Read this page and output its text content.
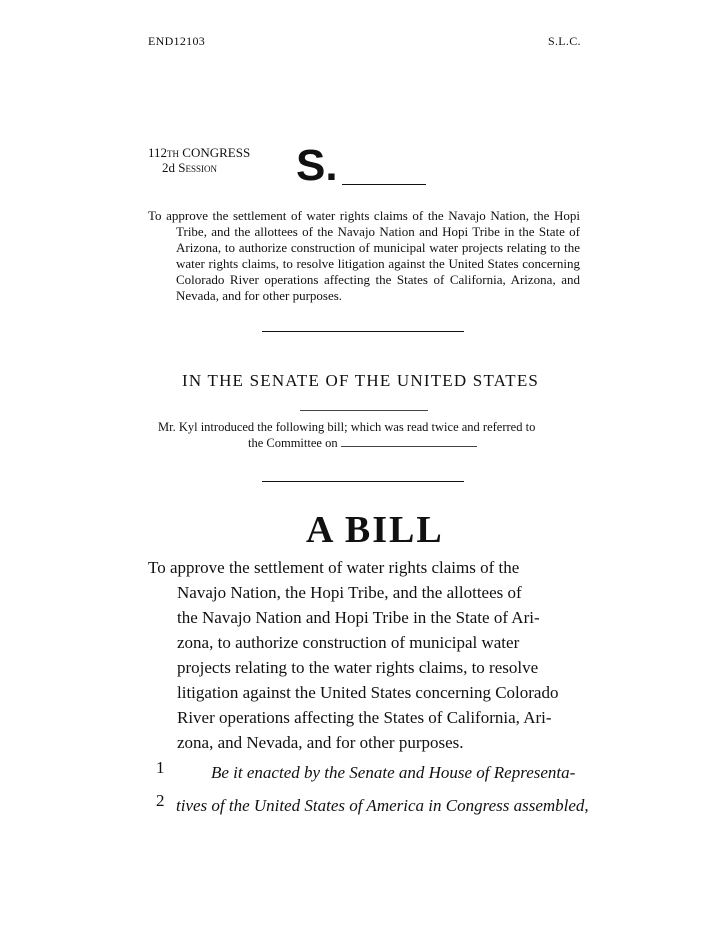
END12103	S.L.C.
112th CONGRESS
2d Session S.
To approve the settlement of water rights claims of the Navajo Nation, the Hopi Tribe, and the allottees of the Navajo Nation and Hopi Tribe in the State of Arizona, to authorize construction of municipal water projects relating to the water rights claims, to resolve litigation against the United States concerning Colorado River operations affecting the States of California, Arizona, and Nevada, and for other purposes.
IN THE SENATE OF THE UNITED STATES
Mr. Kyl introduced the following bill; which was read twice and referred to
the Committee on
A BILL
To approve the settlement of water rights claims of the
Navajo Nation, the Hopi Tribe, and the allottees of
the Navajo Nation and Hopi Tribe in the State of Ari-
zona, to authorize construction of municipal water
projects relating to the water rights claims, to resolve
litigation against the United States concerning Colorado
River operations affecting the States of California, Ari-
zona, and Nevada, and for other purposes.
1	Be it enacted by the Senate and House of Representa-
2 tives of the United States of America in Congress assembled,
